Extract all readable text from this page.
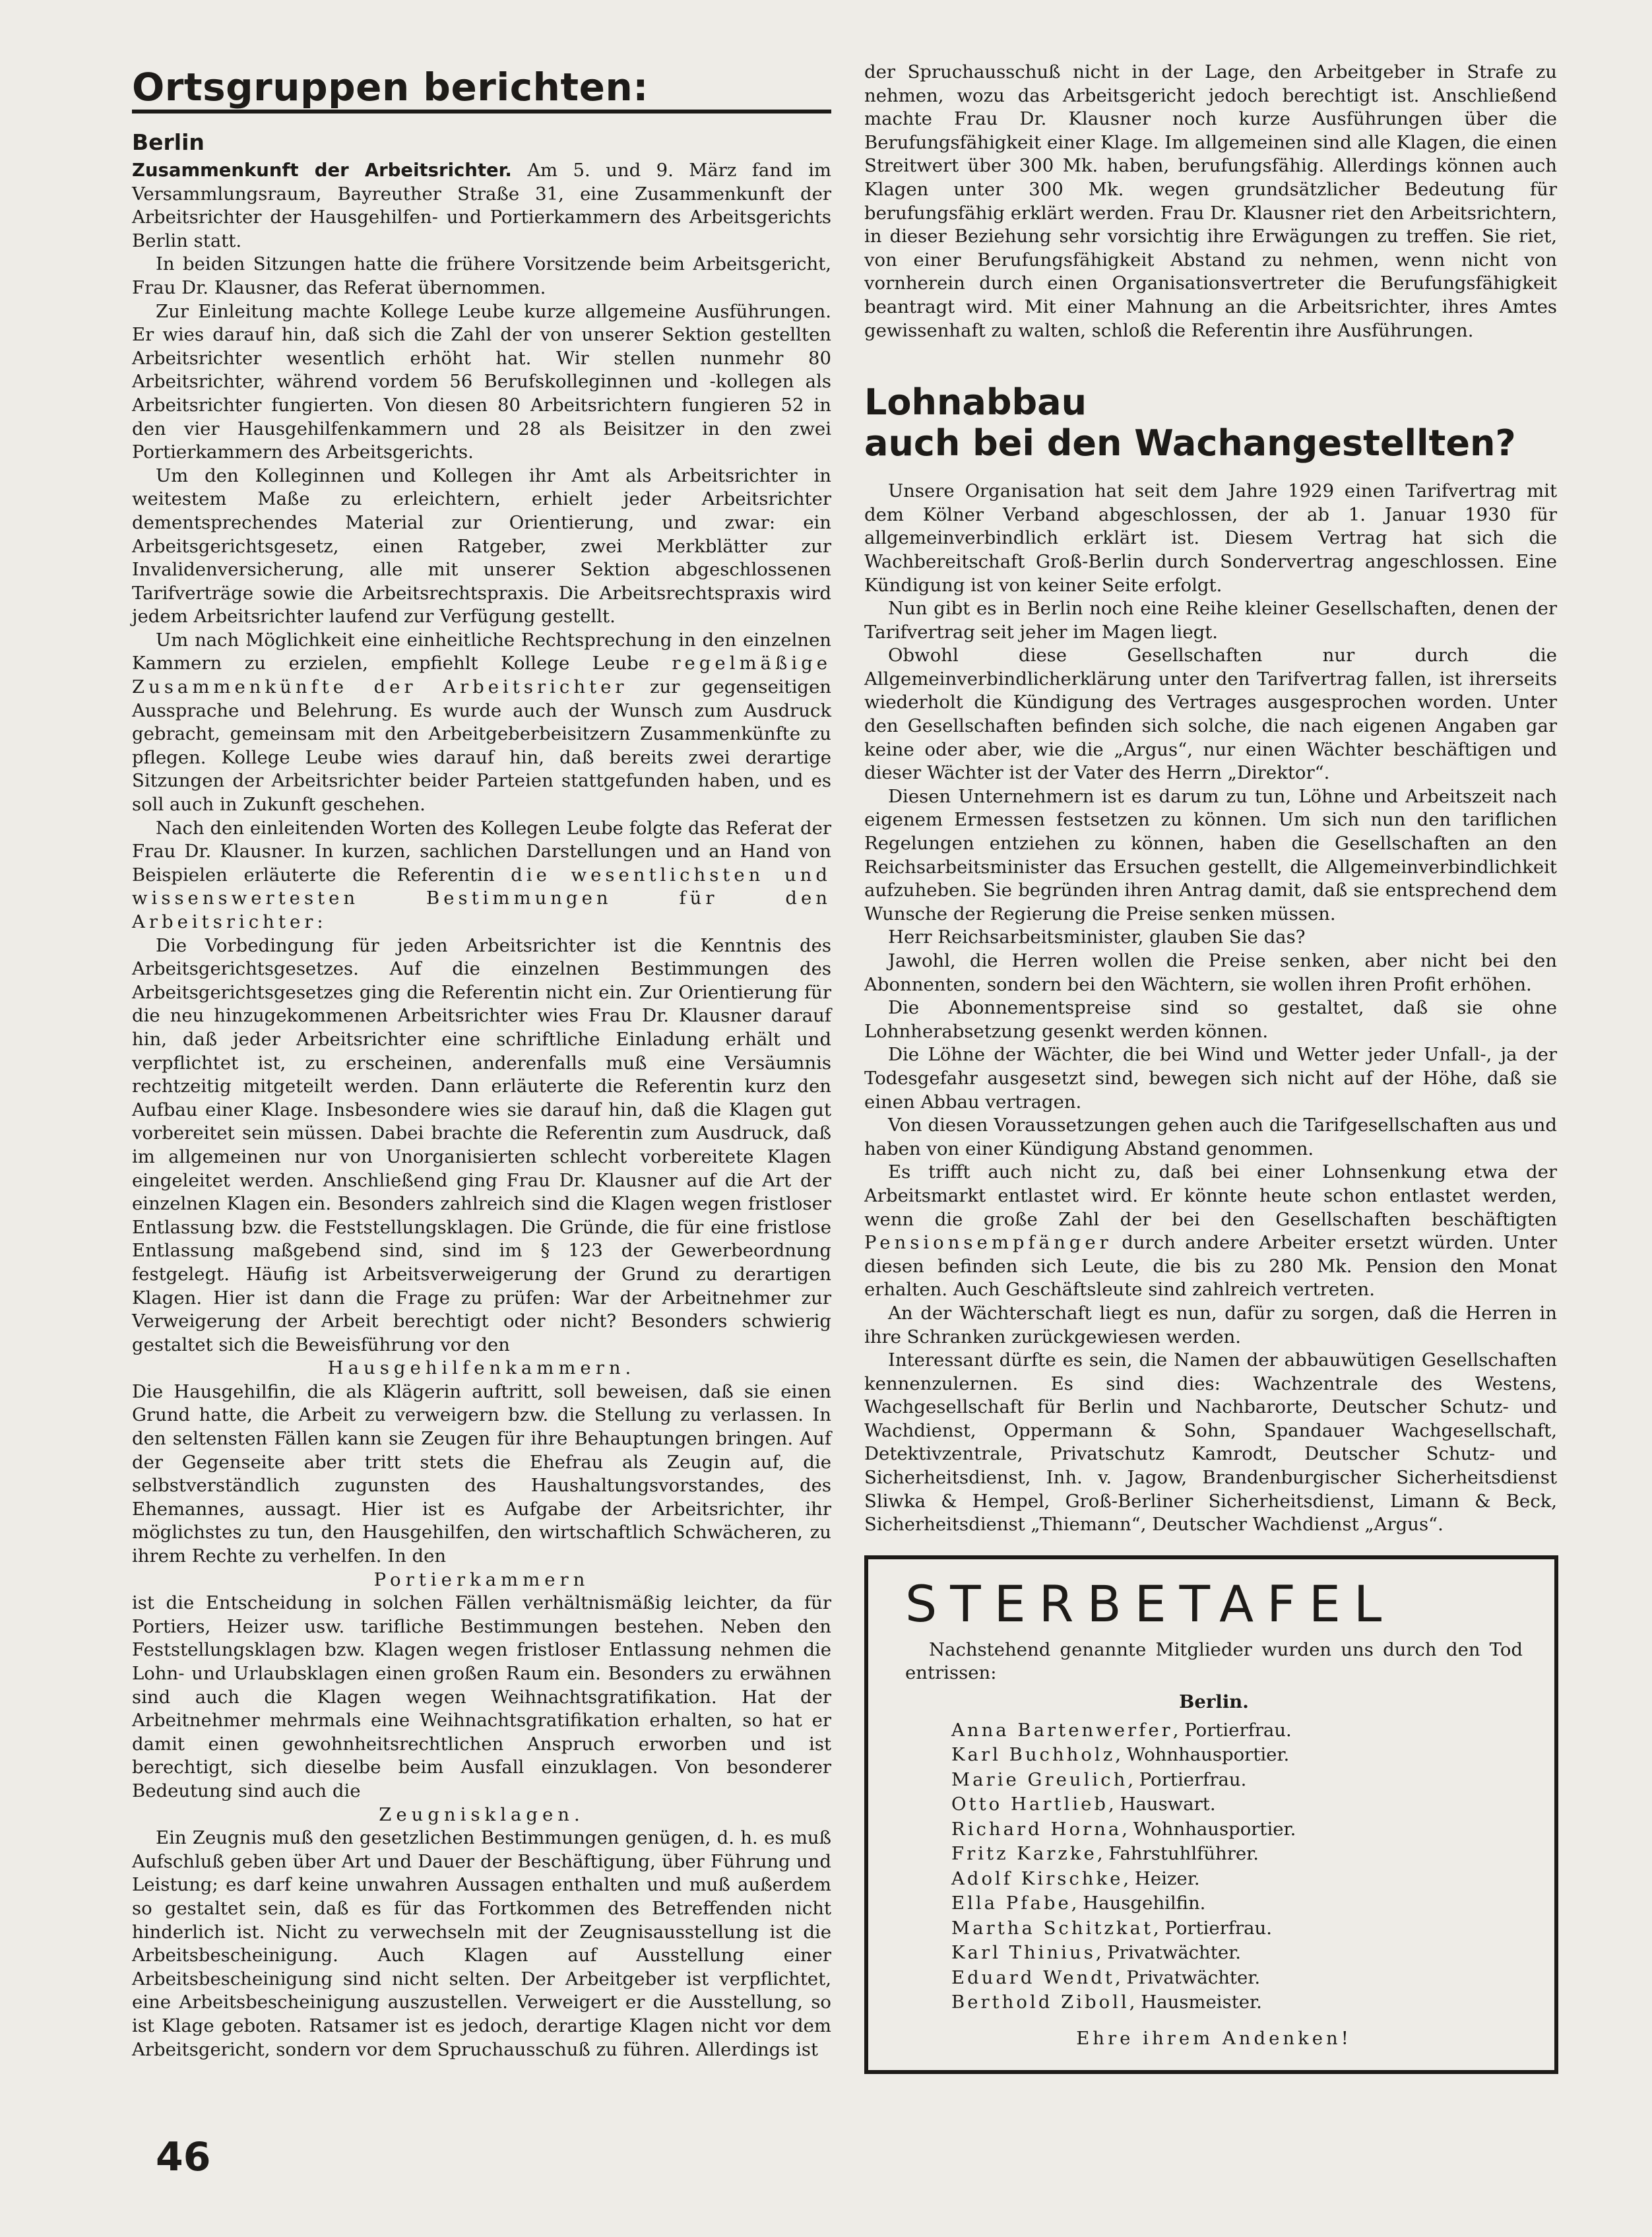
Ortsgruppen berichten:
Berlin

Zusammenkunft der Arbeitsrichter. Am 5. und 9. März fand im Versammlungsraum, Bayreuther Straße 31, eine Zusammenkunft der Arbeitsrichter der Hausgehilfen- und Portierkammern des Arbeitsgerichts Berlin statt.

In beiden Sitzungen hatte die frühere Vorsitzende beim Arbeitsgericht, Frau Dr. Klausner, das Referat übernommen.

Zur Einleitung machte Kollege Leube kurze allgemeine Ausführungen. Er wies darauf hin, daß sich die Zahl der von unserer Sektion gestellten Arbeitsrichter wesentlich erhöht hat. Wir stellen nunmehr 80 Arbeitsrichter, während vordem 56 Berufskolleginnen und -kollegen als Arbeitsrichter fungierten. Von diesen 80 Arbeitsrichtern fungieren 52 in den vier Hausgehilfenkammern und 28 als Beisitzer in den zwei Portierkammern des Arbeitsgerichts.

Um den Kolleginnen und Kollegen ihr Amt als Arbeitsrichter in weitestem Maße zu erleichtern, erhielt jeder Arbeitsrichter dementsprechendes Material zur Orientierung, und zwar: ein Arbeitsgerichtsgesetz, einen Ratgeber, zwei Merkblätter zur Invalidenversicherung, alle mit unserer Sektion abgeschlossenen Tarifverträge sowie die Arbeitsrechtspraxis. Die Arbeitsrechtspraxis wird jedem Arbeitsrichter laufend zur Verfügung gestellt.

Um nach Möglichkeit eine einheitliche Rechtsprechung in den einzelnen Kammern zu erzielen, empfiehlt Kollege Leube regelmäßige Zusammenkünfte der Arbeitsrichter zur gegenseitigen Aussprache und Belehrung. Es wurde auch der Wunsch zum Ausdruck gebracht, gemeinsam mit den Arbeitgeberbeisitzern Zusammenkünfte zu pflegen. Kollege Leube wies darauf hin, daß bereits zwei derartige Sitzungen der Arbeitsrichter beider Parteien stattgefunden haben, und es soll auch in Zukunft geschehen.

Nach den einleitenden Worten des Kollegen Leube folgte das Referat der Frau Dr. Klausner. In kurzen, sachlichen Darstellungen und an Hand von Beispielen erläuterte die Referentin die wesentlichsten und wissenswertesten Bestimmungen für den Arbeitsrichter:

Die Vorbedingung für jeden Arbeitsrichter ist die Kenntnis des Arbeitsgerichtsgesetzes. Auf die einzelnen Bestimmungen des Arbeitsgerichtsgesetzes ging die Referentin nicht ein. Zur Orientierung für die neu hinzugekommenen Arbeitsrichter wies Frau Dr. Klausner darauf hin, daß jeder Arbeitsrichter eine schriftliche Einladung erhält und verpflichtet ist, zu erscheinen, anderenfalls muß eine Versäumnis rechtzeitig mitgeteilt werden. Dann erläuterte die Referentin kurz den Aufbau einer Klage. Insbesondere wies sie darauf hin, daß die Klagen gut vorbereitet sein müssen. Dabei brachte die Referentin zum Ausdruck, daß im allgemeinen nur von Unorganisierten schlecht vorbereitete Klagen eingeleitet werden. Anschließend ging Frau Dr. Klausner auf die Art der einzelnen Klagen ein. Besonders zahlreich sind die Klagen wegen fristloser Entlassung bzw. die Feststellungsklagen. Die Gründe, die für eine fristlose Entlassung maßgebend sind, sind im § 123 der Gewerbeordnung festgelegt. Häufig ist Arbeitsverweigerung der Grund zu derartigen Klagen. Hier ist dann die Frage zu prüfen: War der Arbeitnehmer zur Verweigerung der Arbeit berechtigt oder nicht? Besonders schwierig gestaltet sich die Beweisführung vor den

Hausgehilfenkammern.

Die Hausgehilfin, die als Klägerin auftritt, soll beweisen, daß sie einen Grund hatte, die Arbeit zu verweigern bzw. die Stellung zu verlassen. In den seltensten Fällen kann sie Zeugen für ihre Behauptungen bringen. Auf der Gegenseite aber tritt stets die Ehefrau als Zeugin auf, die selbstverständlich zugunsten des Haushaltungsvorstandes, des Ehemannes, aussagt. Hier ist es Aufgabe der Arbeitsrichter, ihr möglichstes zu tun, den Hausgehilfen, den wirtschaftlich Schwächeren, zu ihrem Rechte zu verhelfen. In den

Portierkammern

ist die Entscheidung in solchen Fällen verhältnismäßig leichter, da für Portiers, Heizer usw. tarifliche Bestimmungen bestehen. Neben den Feststellungsklagen bzw. Klagen wegen fristloser Entlassung nehmen die Lohn- und Urlaubsklagen einen großen Raum ein. Besonders zu erwähnen sind auch die Klagen wegen Weihnachtsgratifikation. Hat der Arbeitnehmer mehrmals eine Weihnachtsgratifikation erhalten, so hat er damit einen gewohnheitsrechtlichen Anspruch erworben und ist berechtigt, sich dieselbe beim Ausfall einzuklagen. Von besonderer Bedeutung sind auch die

Zeugnisklagen.

Ein Zeugnis muß den gesetzlichen Bestimmungen genügen, d. h. es muß Aufschluß geben über Art und Dauer der Beschäftigung, über Führung und Leistung; es darf keine unwahren Aussagen enthalten und muß außerdem so gestaltet sein, daß es für das Fortkommen des Betreffenden nicht hinderlich ist. Nicht zu verwechseln mit der Zeugnisausstellung ist die Arbeitsbescheinigung. Auch Klagen auf Ausstellung einer Arbeitsbescheinigung sind nicht selten. Der Arbeitgeber ist verpflichtet, eine Arbeitsbescheinigung auszustellen. Verweigert er die Ausstellung, so ist Klage geboten. Ratsamer ist es jedoch, derartige Klagen nicht vor dem Arbeitsgericht, sondern vor dem Spruchausschuß zu führen. Allerdings ist

der Spruchausschuß nicht in der Lage, den Arbeitgeber in Strafe zu nehmen, wozu das Arbeitsgericht jedoch berechtigt ist. Anschließend machte Frau Dr. Klausner noch kurze Ausführungen über die Berufungsfähigkeit einer Klage. Im allgemeinen sind alle Klagen, die einen Streitwert über 300 Mk. haben, berufungsfähig. Allerdings können auch Klagen unter 300 Mk. wegen grundsätzlicher Bedeutung für berufungsfähig erklärt werden. Frau Dr. Klausner riet den Arbeitsrichtern, in dieser Beziehung sehr vorsichtig ihre Erwägungen zu treffen. Sie riet, von einer Berufungsfähigkeit Abstand zu nehmen, wenn nicht von vornherein durch einen Organisationsvertreter die Berufungsfähigkeit beantragt wird. Mit einer Mahnung an die Arbeitsrichter, ihres Amtes gewissenhaft zu walten, schloß die Referentin ihre Ausführungen.

Lohnabbau
auch bei den Wachangestellten?

Unsere Organisation hat seit dem Jahre 1929 einen Tarifvertrag mit dem Kölner Verband abgeschlossen, der ab 1. Januar 1930 für allgemeinverbindlich erklärt ist. Diesem Vertrag hat sich die Wachbereitschaft Groß-Berlin durch Sondervertrag angeschlossen. Eine Kündigung ist von keiner Seite erfolgt.

Nun gibt es in Berlin noch eine Reihe kleiner Gesellschaften, denen der Tarifvertrag seit jeher im Magen liegt.

Obwohl diese Gesellschaften nur durch die Allgemeinverbindlicherklärung unter den Tarifvertrag fallen, ist ihrerseits wiederholt die Kündigung des Vertrages ausgesprochen worden. Unter den Gesellschaften befinden sich solche, die nach eigenen Angaben gar keine oder aber, wie die „Argus“, nur einen Wächter beschäftigen und dieser Wächter ist der Vater des Herrn „Direktor“.

Diesen Unternehmern ist es darum zu tun, Löhne und Arbeitszeit nach eigenem Ermessen festsetzen zu können. Um sich nun den tariflichen Regelungen entziehen zu können, haben die Gesellschaften an den Reichsarbeitsminister das Ersuchen gestellt, die Allgemeinverbindlichkeit aufzuheben. Sie begründen ihren Antrag damit, daß sie entsprechend dem Wunsche der Regierung die Preise senken müssen.

Herr Reichsarbeitsminister, glauben Sie das?

Jawohl, die Herren wollen die Preise senken, aber nicht bei den Abonnenten, sondern bei den Wächtern, sie wollen ihren Profit erhöhen.

Die Abonnementspreise sind so gestaltet, daß sie ohne Lohnherabsetzung gesenkt werden können.

Die Löhne der Wächter, die bei Wind und Wetter jeder Unfall-, ja der Todesgefahr ausgesetzt sind, bewegen sich nicht auf der Höhe, daß sie einen Abbau vertragen.

Von diesen Voraussetzungen gehen auch die Tarifgesellschaften aus und haben von einer Kündigung Abstand genommen.

Es trifft auch nicht zu, daß bei einer Lohnsenkung etwa der Arbeitsmarkt entlastet wird. Er könnte heute schon entlastet werden, wenn die große Zahl der bei den Gesellschaften beschäftigten Pensionsempfänger durch andere Arbeiter ersetzt würden. Unter diesen befinden sich Leute, die bis zu 280 Mk. Pension den Monat erhalten. Auch Geschäftsleute sind zahlreich vertreten.

An der Wächterschaft liegt es nun, dafür zu sorgen, daß die Herren in ihre Schranken zurückgewiesen werden.

Interessant dürfte es sein, die Namen der abbauwütigen Gesellschaften kennenzulernen. Es sind dies: Wachzentrale des Westens, Wachgesellschaft für Berlin und Nachbarorte, Deutscher Schutz- und Wachdienst, Oppermann & Sohn, Spandauer Wachgesellschaft, Detektivzentrale, Privatschutz Kamrodt, Deutscher Schutz- und Sicherheitsdienst, Inh. v. Jagow, Brandenburgischer Sicherheitsdienst Sliwka & Hempel, Groß-Berliner Sicherheitsdienst, Limann & Beck, Sicherheitsdienst „Thiemann“, Deutscher Wachdienst „Argus“.

STERBETAFEL

Nachstehend genannte Mitglieder wurden uns durch den Tod entrissen:

Berlin.

Anna Bartenwerfer, Portierfrau.
Karl Buchholz, Wohnhausportier.
Marie Greulich, Portierfrau.
Otto Hartlieb, Hauswart.
Richard Horna, Wohnhausportier.
Fritz Karzke, Fahrstuhlführer.
Adolf Kirschke, Heizer.
Ella Pfabe, Hausgehilfin.
Martha Schitzkat, Portierfrau.
Karl Thinius, Privatwächter.
Eduard Wendt, Privatwächter.
Berthold Ziboll, Hausmeister.

Ehre ihrem Andenken!

46
